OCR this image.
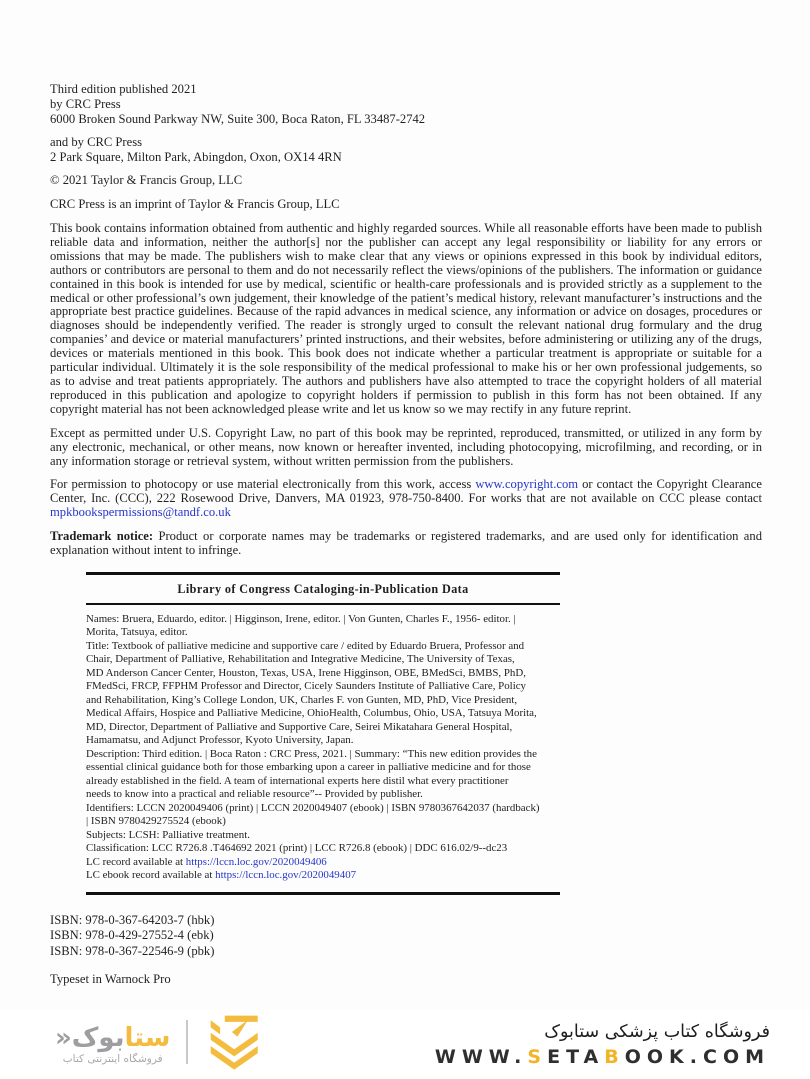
Third edition published 2021
by CRC Press
6000 Broken Sound Parkway NW, Suite 300, Boca Raton, FL 33487-2742
and by CRC Press
2 Park Square, Milton Park, Abingdon, Oxon, OX14 4RN
© 2021 Taylor & Francis Group, LLC
CRC Press is an imprint of Taylor & Francis Group, LLC

This book contains information obtained from authentic and highly regarded sources. While all reasonable efforts have been made to publish reliable data and information, neither the author[s] nor the publisher can accept any legal responsibility or liability for any errors or omissions that may be made. The publishers wish to make clear that any views or opinions expressed in this book by individual editors, authors or contributors are personal to them and do not necessarily reflect the views/opinions of the publishers. The information or guidance contained in this book is intended for use by medical, scientific or health-care professionals and is provided strictly as a supplement to the medical or other professional’s own judgement, their knowledge of the patient’s medical history, relevant manufacturer’s instructions and the appropriate best practice guidelines. Because of the rapid advances in medical science, any information or advice on dosages, procedures or diagnoses should be independently verified. The reader is strongly urged to consult the relevant national drug formulary and the drug companies’ and device or material manufacturers’ printed instructions, and their websites, before administering or utilizing any of the drugs, devices or materials mentioned in this book. This book does not indicate whether a particular treatment is appropriate or suitable for a particular individual. Ultimately it is the sole responsibility of the medical professional to make his or her own professional judgements, so as to advise and treat patients appropriately. The authors and publishers have also attempted to trace the copyright holders of all material reproduced in this publication and apologize to copyright holders if permission to publish in this form has not been obtained. If any copyright material has not been acknowledged please write and let us know so we may rectify in any future reprint.

Except as permitted under U.S. Copyright Law, no part of this book may be reprinted, reproduced, transmitted, or utilized in any form by any electronic, mechanical, or other means, now known or hereafter invented, including photocopying, microfilming, and recording, or in any information storage or retrieval system, without written permission from the publishers.

For permission to photocopy or use material electronically from this work, access www.copyright.com or contact the Copyright Clearance Center, Inc. (CCC), 222 Rosewood Drive, Danvers, MA 01923, 978-750-8400. For works that are not available on CCC please contact mpkbookspermissions@tandf.co.uk

Trademark notice: Product or corporate names may be trademarks or registered trademarks, and are used only for identification and explanation without intent to infringe.

Library of Congress Cataloging-in-Publication Data
Names: Bruera, Eduardo, editor. | Higginson, Irene, editor. | Von Gunten, Charles F., 1956- editor. |
Morita, Tatsuya, editor.
Title: Textbook of palliative medicine and supportive care / edited by Eduardo Bruera, Professor and
Chair, Department of Palliative, Rehabilitation and Integrative Medicine, The University of Texas,
MD Anderson Cancer Center, Houston, Texas, USA, Irene Higginson, OBE, BMedSci, BMBS, PhD,
FMedSci, FRCP, FFPHM Professor and Director, Cicely Saunders Institute of Palliative Care, Policy
and Rehabilitation, King’s College London, UK, Charles F. von Gunten, MD, PhD, Vice President,
Medical Affairs, Hospice and Palliative Medicine, OhioHealth, Columbus, Ohio, USA, Tatsuya Morita,
MD, Director, Department of Palliative and Supportive Care, Seirei Mikatahara General Hospital,
Hamamatsu, and Adjunct Professor, Kyoto University, Japan.
Description: Third edition. | Boca Raton : CRC Press, 2021. | Summary: “This new edition provides the
essential clinical guidance both for those embarking upon a career in palliative medicine and for those
already established in the field. A team of international experts here distil what every practitioner
needs to know into a practical and reliable resource”-- Provided by publisher.
Identifiers: LCCN 2020049406 (print) | LCCN 2020049407 (ebook) | ISBN 9780367642037 (hardback)
| ISBN 9780429275524 (ebook)
Subjects: LCSH: Palliative treatment.
Classification: LCC R726.8 .T464692 2021 (print) | LCC R726.8 (ebook) | DDC 616.02/9--dc23
LC record available at https://lccn.loc.gov/2020049406
LC ebook record available at https://lccn.loc.gov/2020049407
ISBN: 978-0-367-64203-7 (hbk)
ISBN: 978-0-429-27552-4 (ebk)
ISBN: 978-0-367-22546-9 (pbk)
Typeset in Warnock Pro
ستابوک«
فروشگاه اینترنتی کتاب
فروشگاه کتاب پزشکی ستابوک
WWW.SETABOOK.COM
